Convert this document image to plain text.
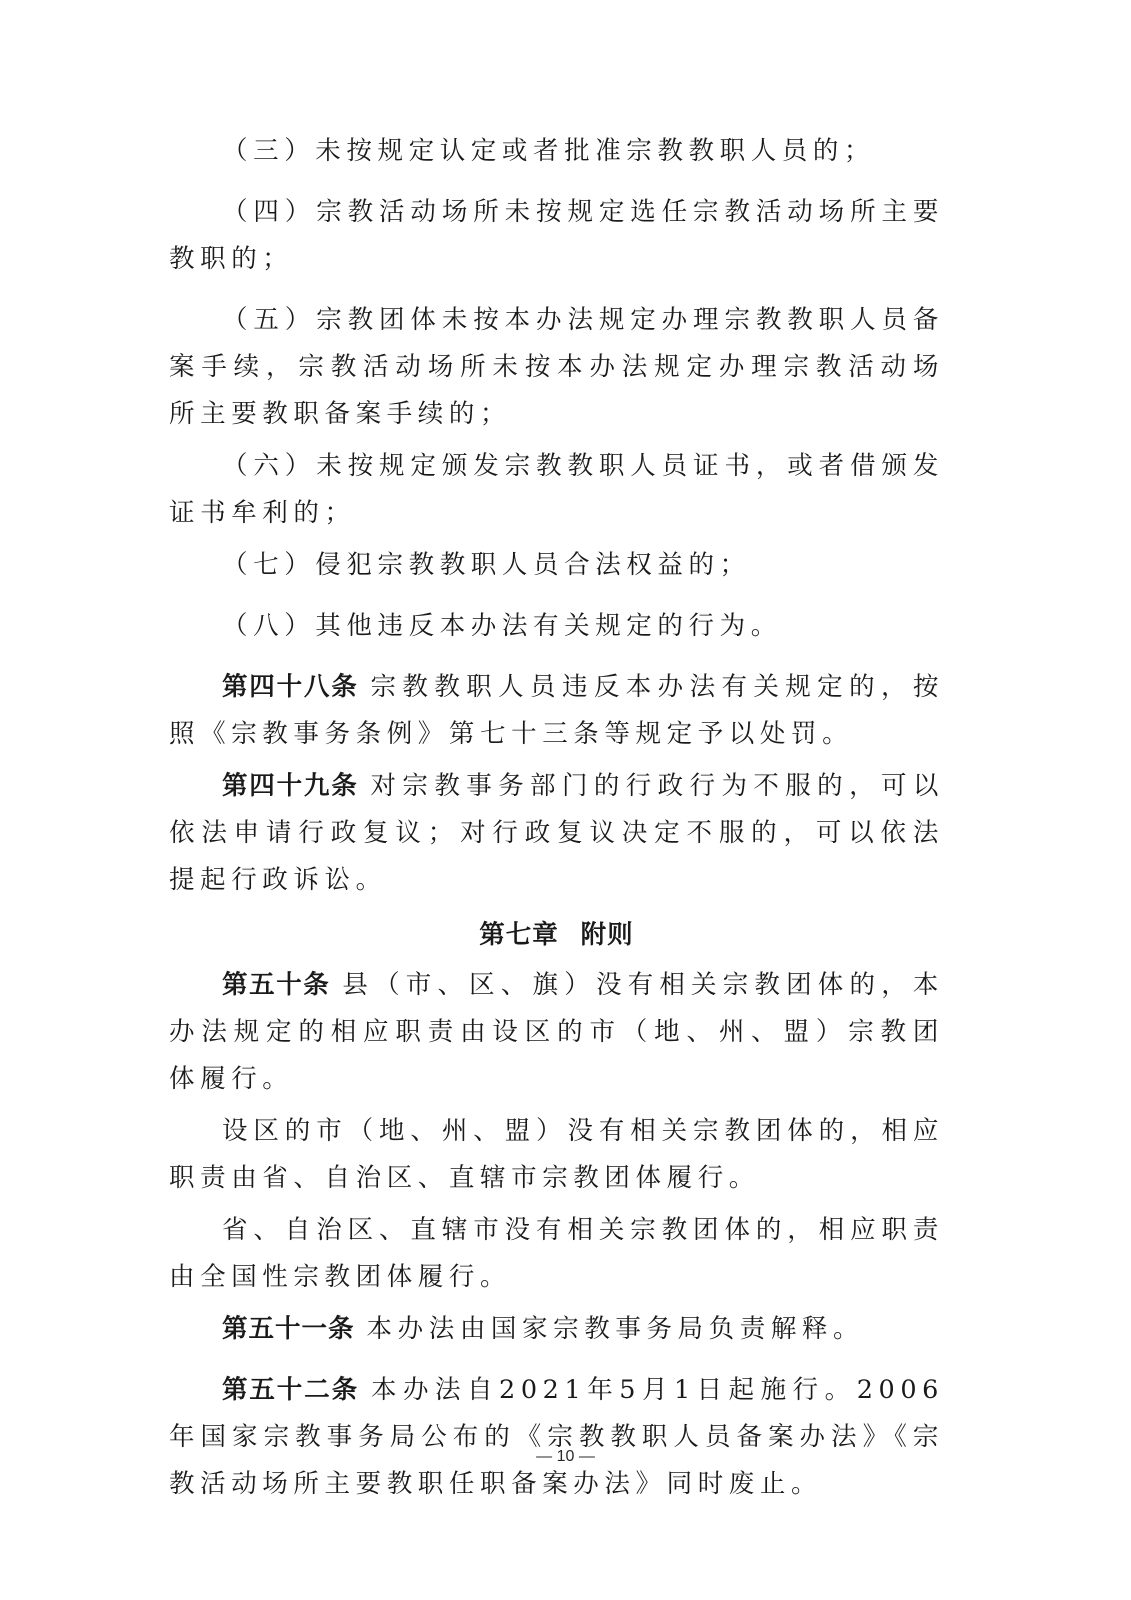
（三）未按规定认定或者批准宗教教职人员的；

（四）宗教活动场所未按规定选任宗教活动场所主要教职的；

（五）宗教团体未按本办法规定办理宗教教职人员备案手续，宗教活动场所未按本办法规定办理宗教活动场所主要教职备案手续的；

（六）未按规定颁发宗教教职人员证书，或者借颁发证书牟利的；

（七）侵犯宗教教职人员合法权益的；

（八）其他违反本办法有关规定的行为。

第四十八条 宗教教职人员违反本办法有关规定的，按照《宗教事务条例》第七十三条等规定予以处罚。

第四十九条 对宗教事务部门的行政行为不服的，可以依法申请行政复议；对行政复议决定不服的，可以依法提起行政诉讼。

第七章 附则

第五十条 县（市、区、旗）没有相关宗教团体的，本办法规定的相应职责由设区的市（地、州、盟）宗教团体履行。

设区的市（地、州、盟）没有相关宗教团体的，相应职责由省、自治区、直辖市宗教团体履行。

省、自治区、直辖市没有相关宗教团体的，相应职责由全国性宗教团体履行。

第五十一条 本办法由国家宗教事务局负责解释。

第五十二条 本办法自2021年5月1日起施行。2006年国家宗教事务局公布的《宗教教职人员备案办法》《宗教活动场所主要教职任职备案办法》同时废止。

— 10 —
